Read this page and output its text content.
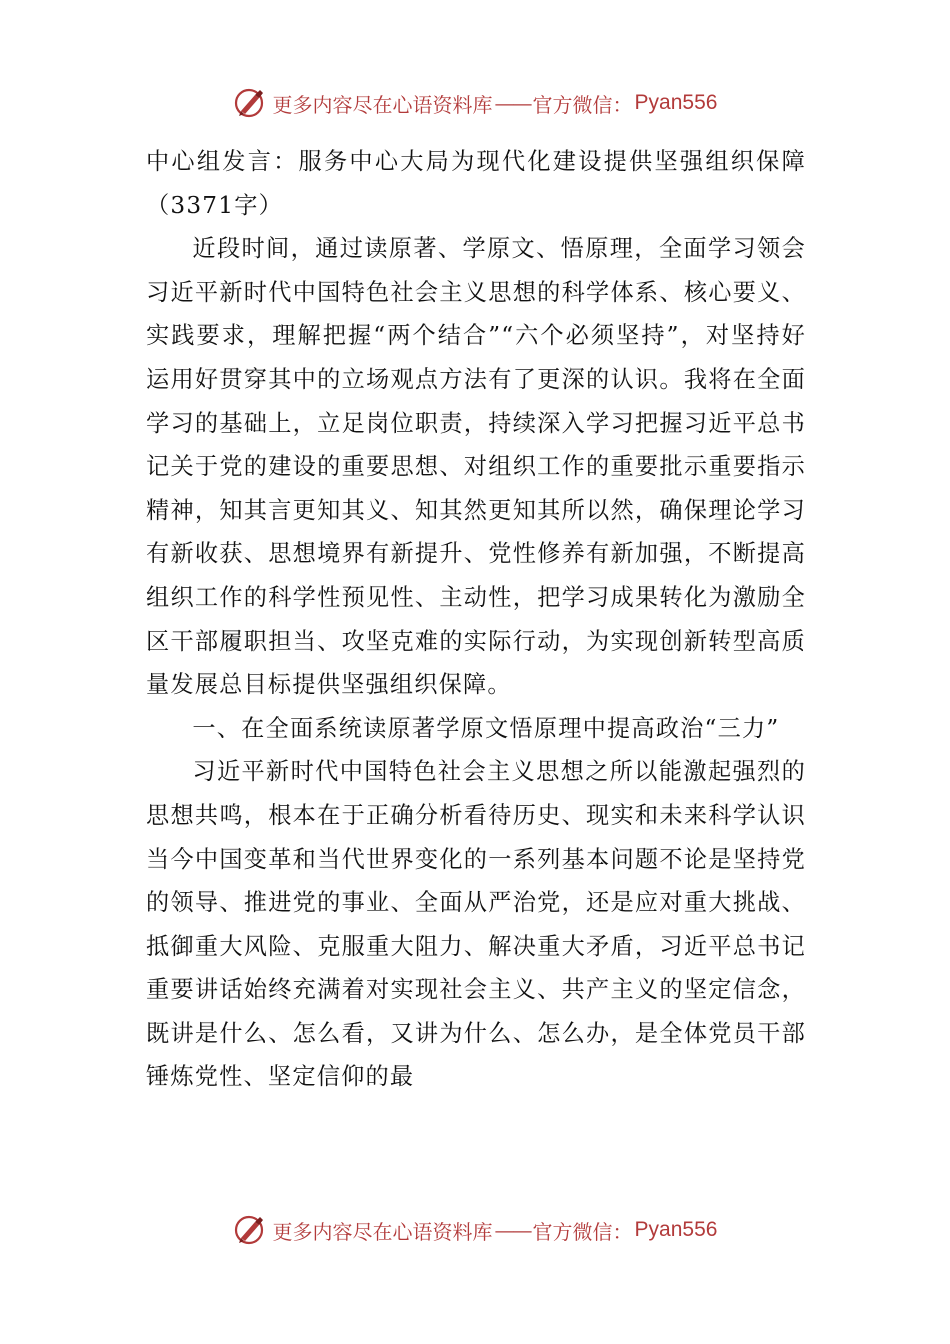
更多内容尽在心语资料库 —— 官方微信： Pyan556

中心组发言：服务中心大局为现代化建设提供坚强组织保障（3371字）

近段时间，通过读原著、学原文、悟原理，全面学习领会习近平新时代中国特色社会主义思想的科学体系、核心要义、实践要求，理解把握“两个结合”“六个必须坚持”，对坚持好运用好贯穿其中的立场观点方法有了更深的认识。我将在全面学习的基础上，立足岗位职责，持续深入学习把握习近平总书记关于党的建设的重要思想、对组织工作的重要批示重要指示精神，知其言更知其义、知其然更知其所以然，确保理论学习有新收获、思想境界有新提升、党性修养有新加强，不断提高组织工作的科学性预见性、主动性，把学习成果转化为激励全区干部履职担当、攻坚克难的实际行动，为实现创新转型高质量发展总目标提供坚强组织保障。

一、在全面系统读原著学原文悟原理中提高政治“三力”

习近平新时代中国特色社会主义思想之所以能激起强烈的思想共鸣，根本在于正确分析看待历史、现实和未来科学认识当今中国变革和当代世界变化的一系列基本问题不论是坚持党的领导、推进党的事业、全面从严治党，还是应对重大挑战、抵御重大风险、克服重大阻力、解决重大矛盾，习近平总书记重要讲话始终充满着对实现社会主义、共产主义的坚定信念，既讲是什么、怎么看，又讲为什么、怎么办，是全体党员干部锤炼党性、坚定信仰的最

更多内容尽在心语资料库 —— 官方微信： Pyan556
